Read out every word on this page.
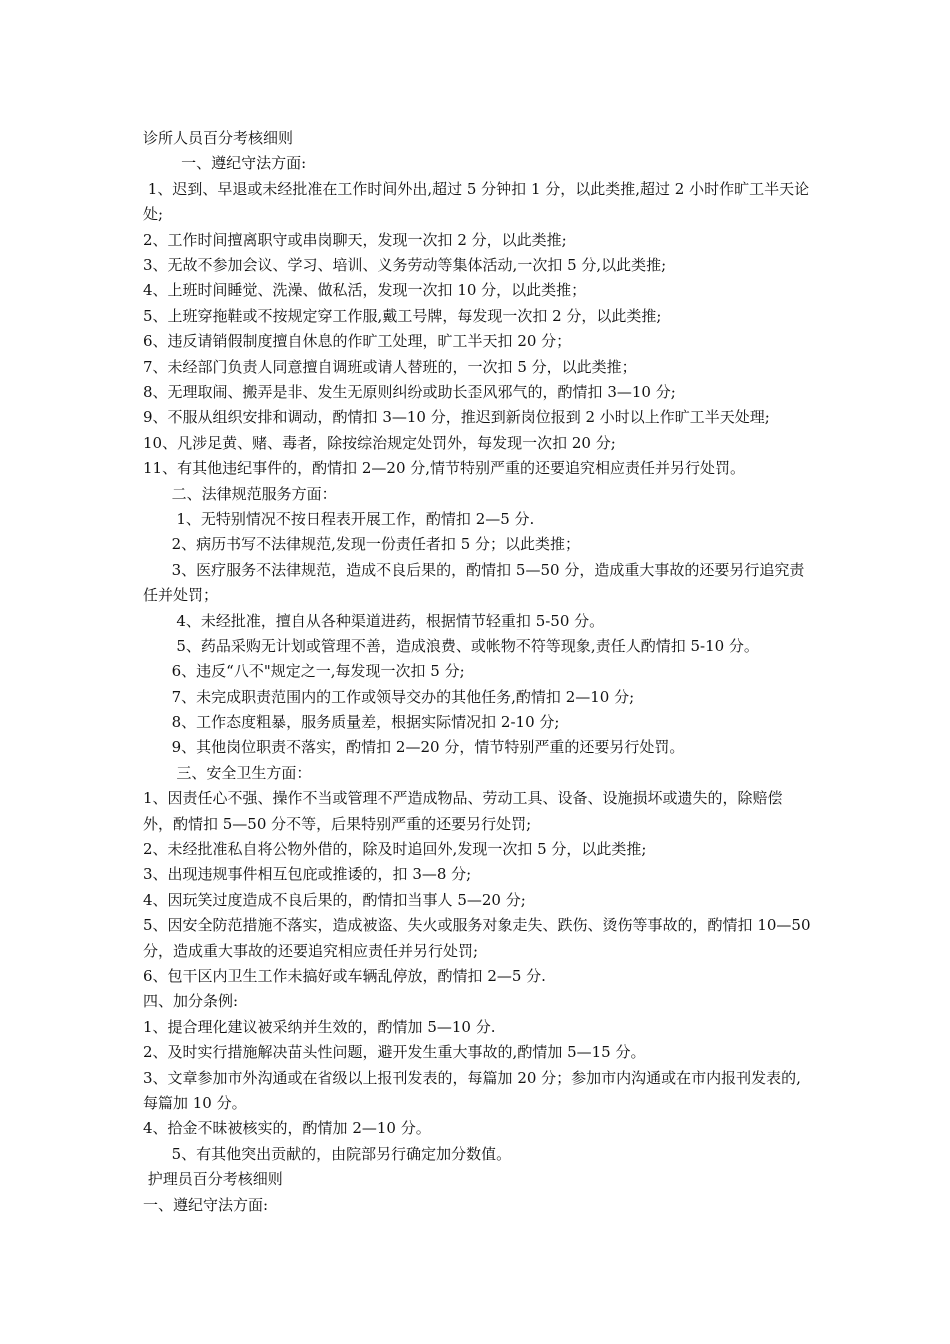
诊所人员百分考核细则

一、遵纪守法方面:

1、迟到、早退或未经批准在工作时间外出,超过 5 分钟扣 1 分，以此类推,超过 2 小时作旷工半天论处;

2、工作时间擅离职守或串岗聊天，发现一次扣 2 分，以此类推;

3、无故不参加会议、学习、培训、义务劳动等集体活动,一次扣 5 分,以此类推;

4、上班时间睡觉、洗澡、做私活，发现一次扣 10 分，以此类推；

5、上班穿拖鞋或不按规定穿工作服,戴工号牌，每发现一次扣 2 分，以此类推;

6、违反请销假制度擅自休息的作旷工处理，旷工半天扣 20 分；

7、未经部门负责人同意擅自调班或请人替班的，一次扣 5 分，以此类推；

8、无理取闹、搬弄是非、发生无原则纠纷或助长歪风邪气的，酌情扣 3—10 分;

9、不服从组织安排和调动，酌情扣 3—10 分，推迟到新岗位报到 2 小时以上作旷工半天处理;

10、凡涉足黄、赌、毒者，除按综治规定处罚外，每发现一次扣 20 分;

11、有其他违纪事件的，酌情扣 2—20 分,情节特别严重的还要追究相应责任并另行处罚。

二、法律规范服务方面：

1、无特别情况不按日程表开展工作，酌情扣 2—5 分.

2、病历书写不法律规范,发现一份责任者扣 5 分；以此类推；

3、医疗服务不法律规范，造成不良后果的，酌情扣 5—50 分，造成重大事故的还要另行追究责任并处罚；

4、未经批准，擅自从各种渠道进药，根据情节轻重扣 5-50 分。

5、药品采购无计划或管理不善，造成浪费、或帐物不符等现象,责任人酌情扣 5-10 分。

6、违反“八不"规定之一,每发现一次扣 5 分;

7、未完成职责范围内的工作或领导交办的其他任务,酌情扣 2—10 分;

8、工作态度粗暴，服务质量差，根据实际情况扣 2-10 分;

9、其他岗位职责不落实，酌情扣 2—20 分，情节特别严重的还要另行处罚。

三、安全卫生方面：

1、因责任心不强、操作不当或管理不严造成物品、劳动工具、设备、设施损坏或遗失的，除赔偿外，酌情扣 5—50 分不等，后果特别严重的还要另行处罚;

2、未经批准私自将公物外借的，除及时追回外,发现一次扣 5 分，以此类推;

3、出现违规事件相互包庇或推诿的，扣 3—8 分;

4、因玩笑过度造成不良后果的，酌情扣当事人 5—20 分;

5、因安全防范措施不落实，造成被盗、失火或服务对象走失、跌伤、烫伤等事故的，酌情扣 10—50 分，造成重大事故的还要追究相应责任并另行处罚;

6、包干区内卫生工作未搞好或车辆乱停放，酌情扣 2—5 分.

四、加分条例:

1、提合理化建议被采纳并生效的，酌情加 5—10 分.

2、及时实行措施解决苗头性问题，避开发生重大事故的,酌情加 5—15 分。

3、文章参加市外沟通或在省级以上报刊发表的，每篇加 20 分；参加市内沟通或在市内报刊发表的,每篇加 10 分。

4、拾金不昧被核实的，酌情加 2—10 分。

5、有其他突出贡献的，由院部另行确定加分数值。

护理员百分考核细则

一、遵纪守法方面:
